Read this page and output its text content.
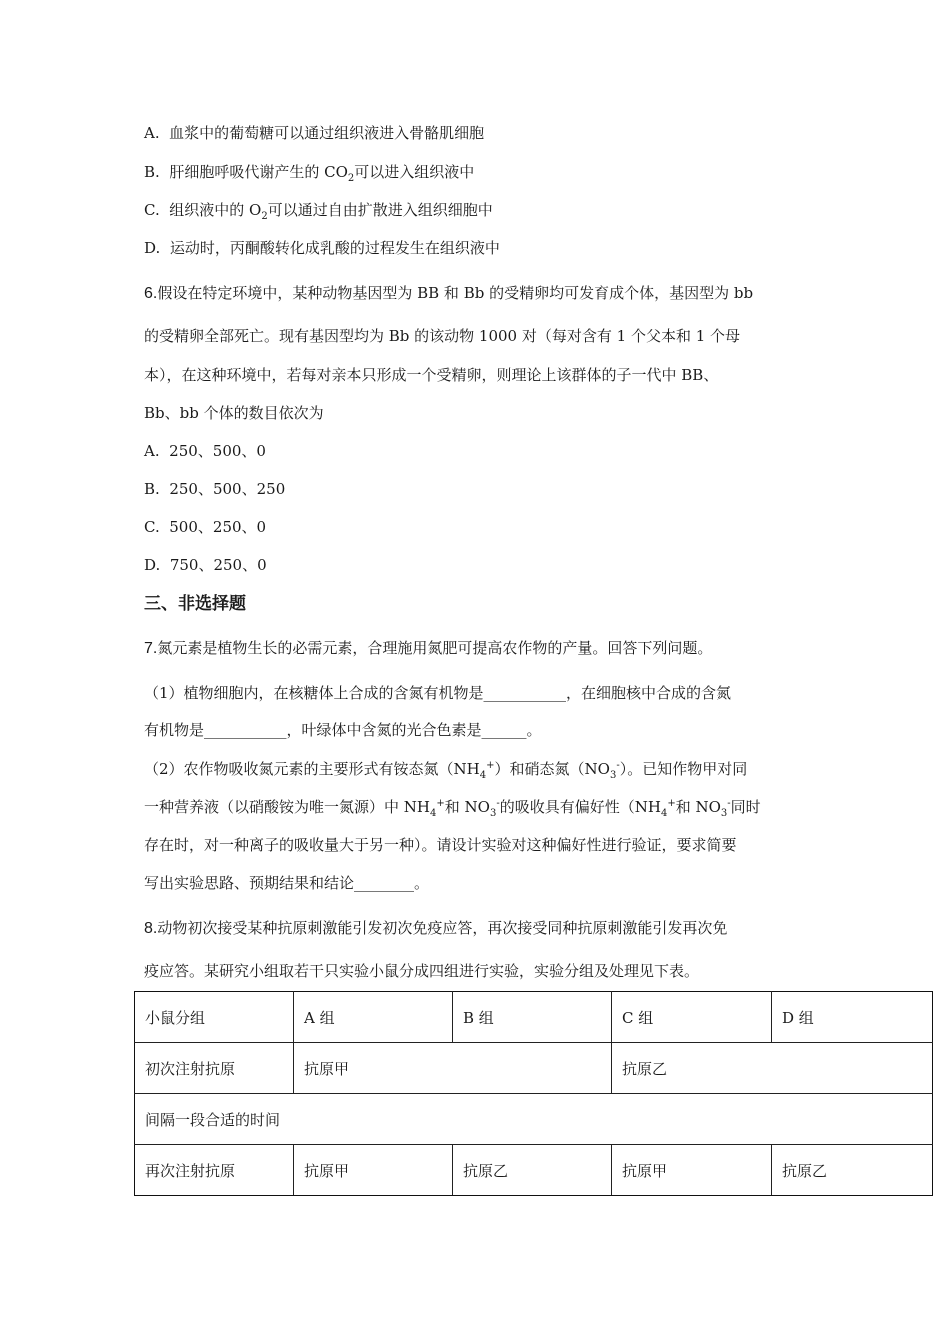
A. 血浆中的葡萄糖可以通过组织液进入骨骼肌细胞
B. 肝细胞呼吸代谢产生的 $CO_2$可以进入组织液中
C. 组织液中的 $O_2$可以通过自由扩散进入组织细胞中
D. 运动时，丙酮酸转化成乳酸的过程发生在组织液中
6.假设在特定环境中，某种动物基因型为 BB 和 Bb 的受精卵均可发育成个体，基因型为 bb
的受精卵全部死亡。现有基因型均为 Bb 的该动物 1000 对（每对含有 1 个父本和 1 个母
本），在这种环境中，若每对亲本只形成一个受精卵，则理论上该群体的子一代中 BB、
Bb、bb 个体的数目依次为
A. 250、500、0
B. 250、500、250
C. 500、250、0
D. 750、250、0
三、非选择题
7.氮元素是植物生长的必需元素，合理施用氮肥可提高农作物的产量。回答下列问题。
（1）植物细胞内，在核糖体上合成的含氮有机物是___________，在细胞核中合成的含氮
有机物是___________，叶绿体中含氮的光合色素是______。
（2）农作物吸收氮元素的主要形式有铵态氮$(NH_4^+)$和硝态氮$(NO_3^-)$。已知作物甲对同
一种营养液（以硝酸铵为唯一氮源）中 $NH_4^+$和 $NO_3^-$的吸收具有偏好性（$NH_4^+$和 $NO_3^-$同时
存在时，对一种离子的吸收量大于另一种）。请设计实验对这种偏好性进行验证，要求简要
写出实验思路、预期结果和结论________。
8.动物初次接受某种抗原刺激能引发初次免疫应答，再次接受同种抗原刺激能引发再次免
疫应答。某研究小组取若干只实验小鼠分成四组进行实验，实验分组及处理见下表。
小鼠分组	A 组	B 组	C 组	D 组
初次注射抗原	抗原甲		抗原乙	
间隔一段合适的时间				
再次注射抗原	抗原甲	抗原乙	抗原甲	抗原乙
